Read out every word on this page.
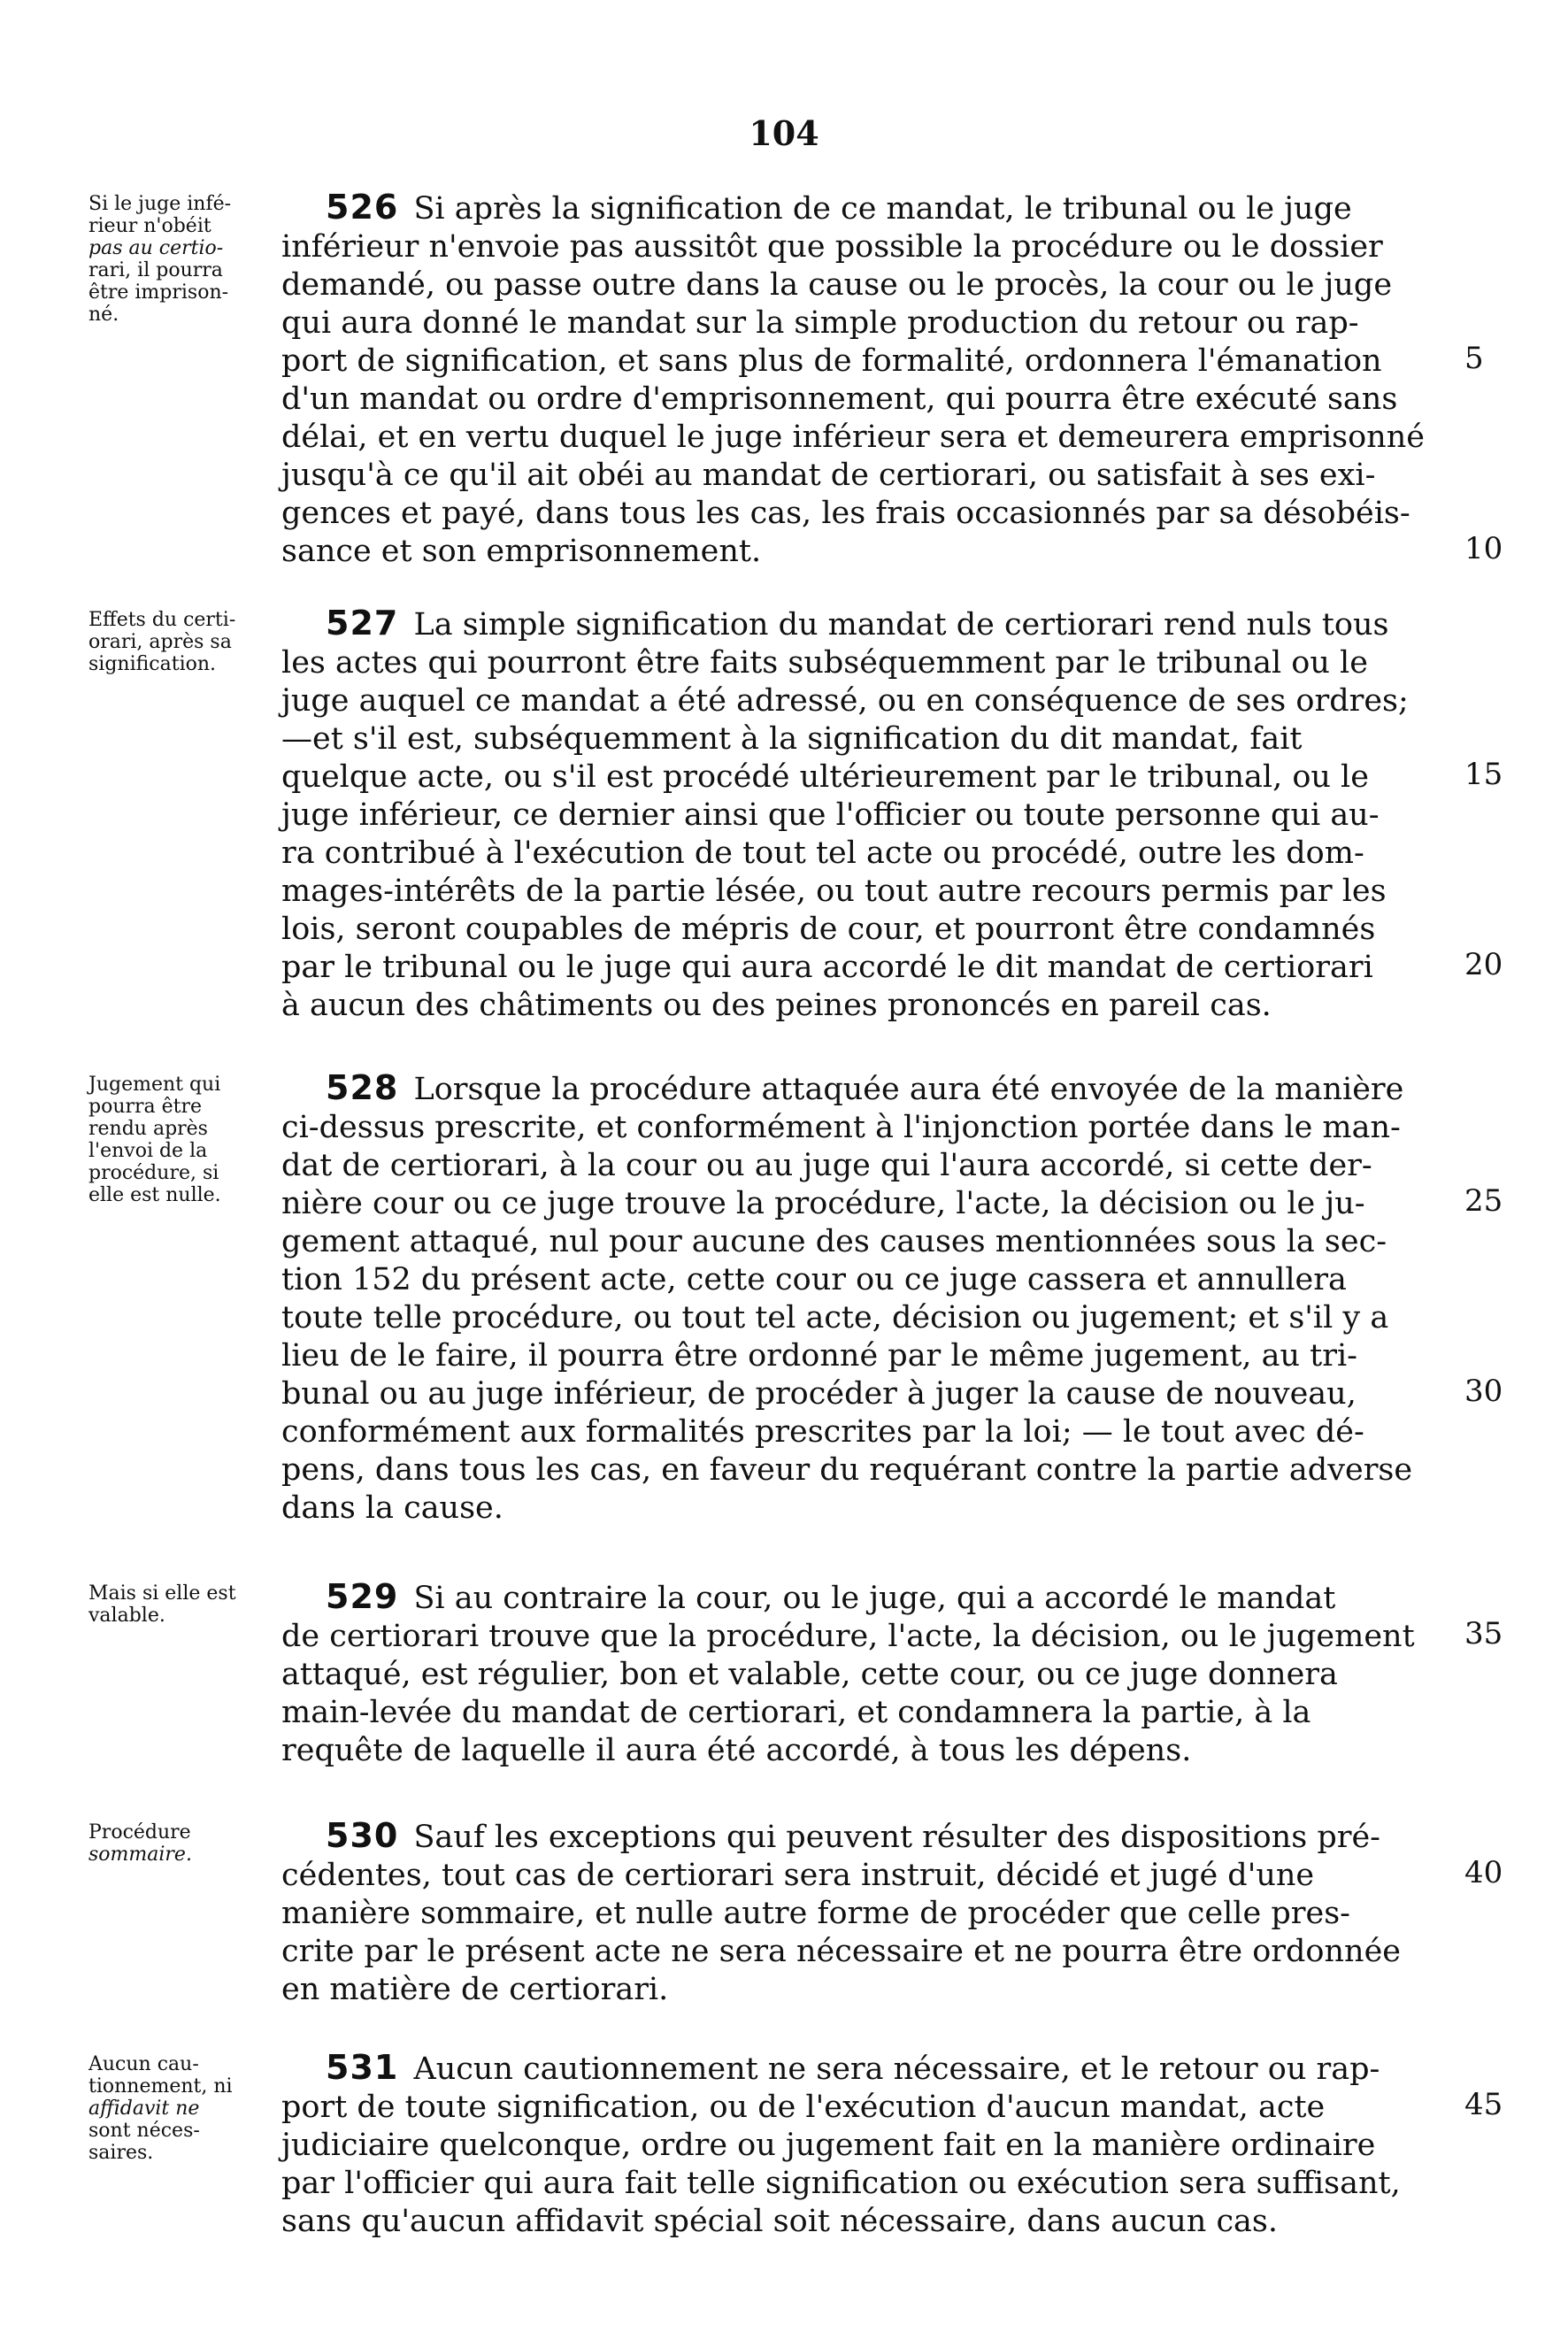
104
Si le juge infé-
rieur n'obéit
pas au certio-
rari, il pourra
être imprison-
né.
526 Si après la signification de ce mandat, le tribunal ou le juge
inférieur n'envoie pas aussitôt que possible la procédure ou le dossier
demandé, ou passe outre dans la cause ou le procès, la cour ou le juge
qui aura donné le mandat sur la simple production du retour ou rap-
port de signification, et sans plus de formalité, ordonnera l'émanation
d'un mandat ou ordre d'emprisonnement, qui pourra être exécuté sans
délai, et en vertu duquel le juge inférieur sera et demeurera emprisonné
jusqu'à ce qu'il ait obéi au mandat de certiorari, ou satisfait à ses exi-
gences et payé, dans tous les cas, les frais occasionnés par sa désobéis-
sance et son emprisonnement.
Effets du certi-
orari, après sa
signification.
527 La simple signification du mandat de certiorari rend nuls tous
les actes qui pourront être faits subséquemment par le tribunal ou le
juge auquel ce mandat a été adressé, ou en conséquence de ses ordres;
—et s'il est, subséquemment à la signification du dit mandat, fait
quelque acte, ou s'il est procédé ultérieurement par le tribunal, ou le
juge inférieur, ce dernier ainsi que l'officier ou toute personne qui au-
ra contribué à l'exécution de tout tel acte ou procédé, outre les dom-
mages-intérêts de la partie lésée, ou tout autre recours permis par les
lois, seront coupables de mépris de cour, et pourront être condamnés
par le tribunal ou le juge qui aura accordé le dit mandat de certiorari
à aucun des châtiments ou des peines prononcés en pareil cas.
Jugement qui
pourra être
rendu après
l'envoi de la
procédure, si
elle est nulle.
528 Lorsque la procédure attaquée aura été envoyée de la manière
ci-dessus prescrite, et conformément à l'injonction portée dans le man-
dat de certiorari, à la cour ou au juge qui l'aura accordé, si cette der-
nière cour ou ce juge trouve la procédure, l'acte, la décision ou le ju-
gement attaqué, nul pour aucune des causes mentionnées sous la sec-
tion 152 du présent acte, cette cour ou ce juge cassera et annullera
toute telle procédure, ou tout tel acte, décision ou jugement; et s'il y a
lieu de le faire, il pourra être ordonné par le même jugement, au tri-
bunal ou au juge inférieur, de procéder à juger la cause de nouveau,
conformément aux formalités prescrites par la loi; — le tout avec dé-
pens, dans tous les cas, en faveur du requérant contre la partie adverse
dans la cause.
Mais si elle est
valable.	529 Si au contraire la cour, ou le juge, qui a accordé le mandat
de certiorari trouve que la procédure, l'acte, la décision, ou le jugement
attaqué, est régulier, bon et valable, cette cour, ou ce juge donnera
main-levée du mandat de certiorari, et condamnera la partie, à la
requête de laquelle il aura été accordé, à tous les dépens.
Procédure
sommaire.	530 Sauf les exceptions qui peuvent résulter des dispositions pré-
cédentes, tout cas de certiorari sera instruit, décidé et jugé d'une
manière sommaire, et nulle autre forme de procéder que celle pres-
crite par le présent acte ne sera nécessaire et ne pourra être ordonnée
en matière de certiorari.
Aucun cau-
tionnement, ni
affidavit ne
sont néces-
saires.
531 Aucun cautionnement ne sera nécessaire, et le retour ou rap-
port de toute signification, ou de l'exécution d'aucun mandat, acte
judiciaire quelconque, ordre ou jugement fait en la manière ordinaire
par l'officier qui aura fait telle signification ou exécution sera suffisant,
sans qu'aucun affidavit spécial soit nécessaire, dans aucun cas.
5
10
15
20
25
30
35
40
45
